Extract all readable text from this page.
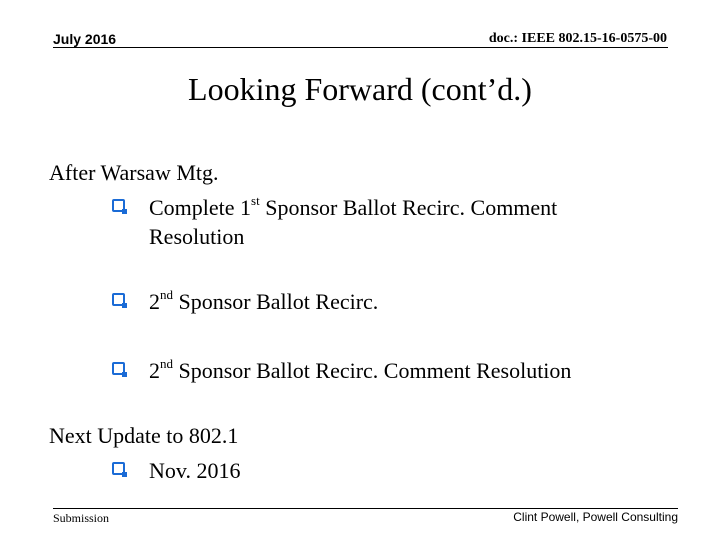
July 2016	doc.: IEEE 802.15-16-0575-00
Looking Forward (cont’d.)
After Warsaw Mtg.
Complete 1st Sponsor Ballot Recirc. Comment
Resolution
2nd Sponsor Ballot Recirc.
2nd Sponsor Ballot Recirc. Comment Resolution
Next Update to 802.1
Nov. 2016
Submission	Clint Powell, Powell Consulting
